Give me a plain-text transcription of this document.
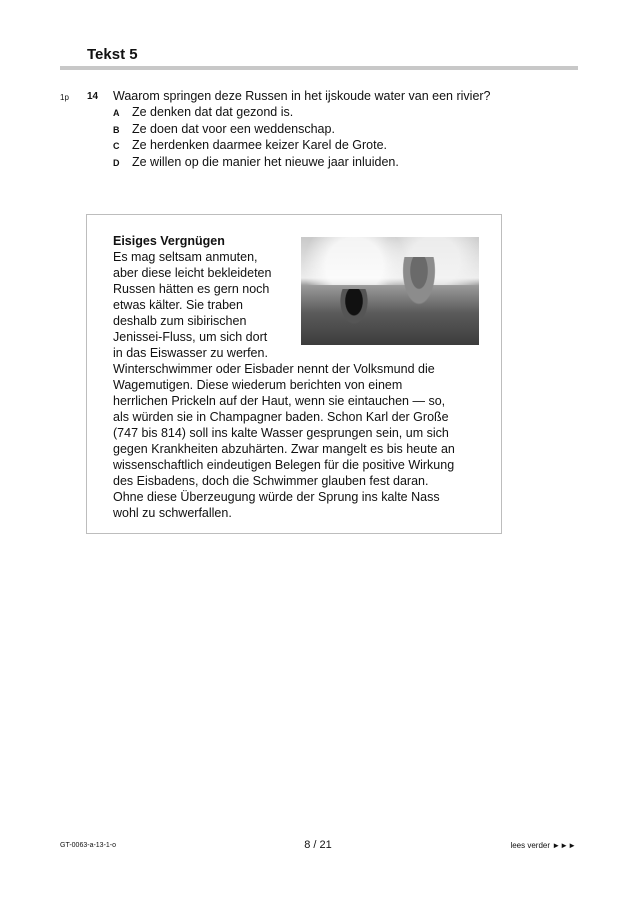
Tekst 5
1p 14 Waarom springen deze Russen in het ijskoude water van een rivier?
A Ze denken dat dat gezond is.
B Ze doen dat voor een weddenschap.
C Ze herdenken daarmee keizer Karel de Grote.
D Ze willen op die manier het nieuwe jaar inluiden.
Eisiges Vergnügen
Es mag seltsam anmuten,
aber diese leicht bekleideten
Russen hätten es gern noch
etwas kälter. Sie traben
deshalb zum sibirischen
Jenissei-Fluss, um sich dort
in das Eiswasser zu werfen.
Winterschwimmer oder Eisbader nennt der Volksmund die
Wagemutigen. Diese wiederum berichten von einem
herrlichen Prickeln auf der Haut, wenn sie eintauchen — so,
als würden sie in Champagner baden. Schon Karl der Große
(747 bis 814) soll ins kalte Wasser gesprungen sein, um sich
gegen Krankheiten abzuhärten. Zwar mangelt es bis heute an
wissenschaftlich eindeutigen Belegen für die positive Wirkung
des Eisbadens, doch die Schwimmer glauben fest daran.
Ohne diese Überzeugung würde der Sprung ins kalte Nass
wohl zu schwerfallen.
GT-0063-a-13-1-o	8 / 21	lees verder ►►►
